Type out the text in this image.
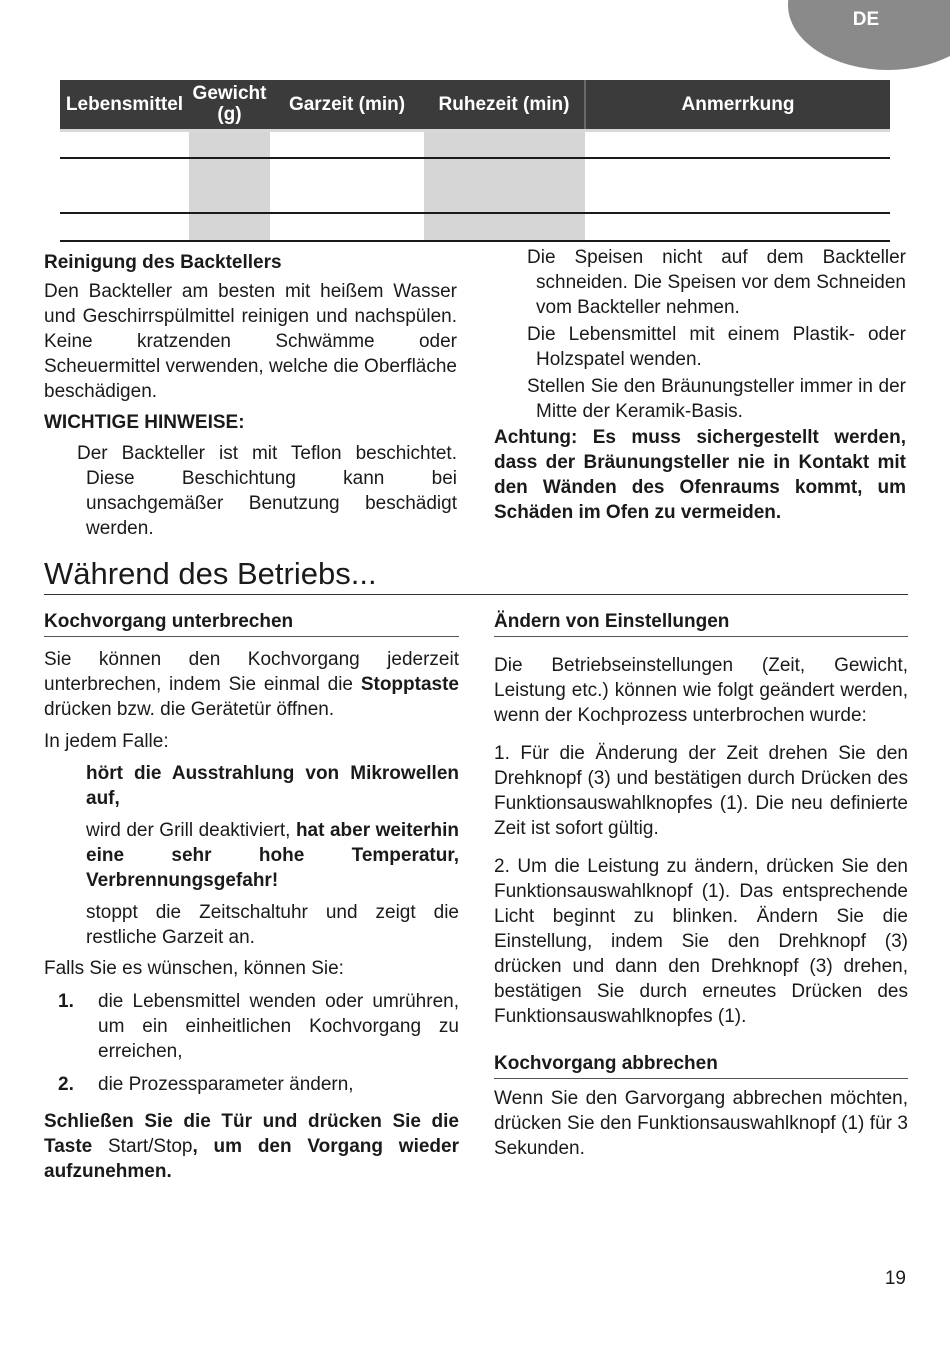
DE
Lebensmittel	Gewicht (g)	Garzeit (min)	Ruhezeit (min)	Anmerrkung

Reinigung des Backtellers

Den Backteller am besten mit heißem Wasser und Geschirrspülmittel reinigen und nachspülen. Keine kratzenden Schwämme oder Scheuermittel verwenden, welche die Oberfläche beschädigen.

WICHTIGE HINWEISE:

Der Backteller ist mit Teflon beschichtet. Diese Beschichtung kann bei unsachgemäßer Benutzung beschädigt werden.

Die Speisen nicht auf dem Backteller schneiden. Die Speisen vor dem Schneiden vom Backteller nehmen.

Die Lebensmittel mit einem Plastik- oder Holzspatel wenden.

Stellen Sie den Bräunungsteller immer in der Mitte der Keramik-Basis.

Achtung: Es muss sichergestellt werden, dass der Bräunungsteller nie in Kontakt mit den Wänden des Ofenraums kommt, um Schäden im Ofen zu vermeiden.

Während des Betriebs...
Kochvorgang unterbrechen

Sie können den Kochvorgang jederzeit unterbrechen, indem Sie einmal die Stopptaste drücken bzw. die Gerätetür öffnen.

In jedem Falle:

hört die Ausstrahlung von Mikrowellen auf,

wird der Grill deaktiviert, hat aber weiterhin eine sehr hohe Temperatur, Verbrennungsgefahr!

stoppt die Zeitschaltuhr und zeigt die restliche Garzeit an.

Falls Sie es wünschen, können Sie:

1.	die Lebensmittel wenden oder umrühren, um ein einheitlichen Kochvorgang zu erreichen,
2.	die Prozessparameter ändern,

Schließen Sie die Tür und drücken Sie die Taste Start/Stop, um den Vorgang wieder aufzunehmen.

Ändern von Einstellungen

Die Betriebseinstellungen (Zeit, Gewicht, Leistung etc.) können wie folgt geändert werden, wenn der Kochprozess unterbrochen wurde:

1. Für die Änderung der Zeit drehen Sie den Drehknopf (3) und bestätigen durch Drücken des Funktionsauswahlknopfes (1). Die neu definierte Zeit ist sofort gültig.

2. Um die Leistung zu ändern, drücken Sie den Funktionsauswahlknopf (1). Das entsprechende Licht beginnt zu blinken. Ändern Sie die Einstellung, indem Sie den Drehknopf (3) drücken und dann den Drehknopf (3) drehen, bestätigen Sie durch erneutes Drücken des Funktionsauswahlknopfes (1).

Kochvorgang abbrechen

Wenn Sie den Garvorgang abbrechen möchten, drücken Sie den Funktionsauswahlknopf (1) für 3 Sekunden.

19
